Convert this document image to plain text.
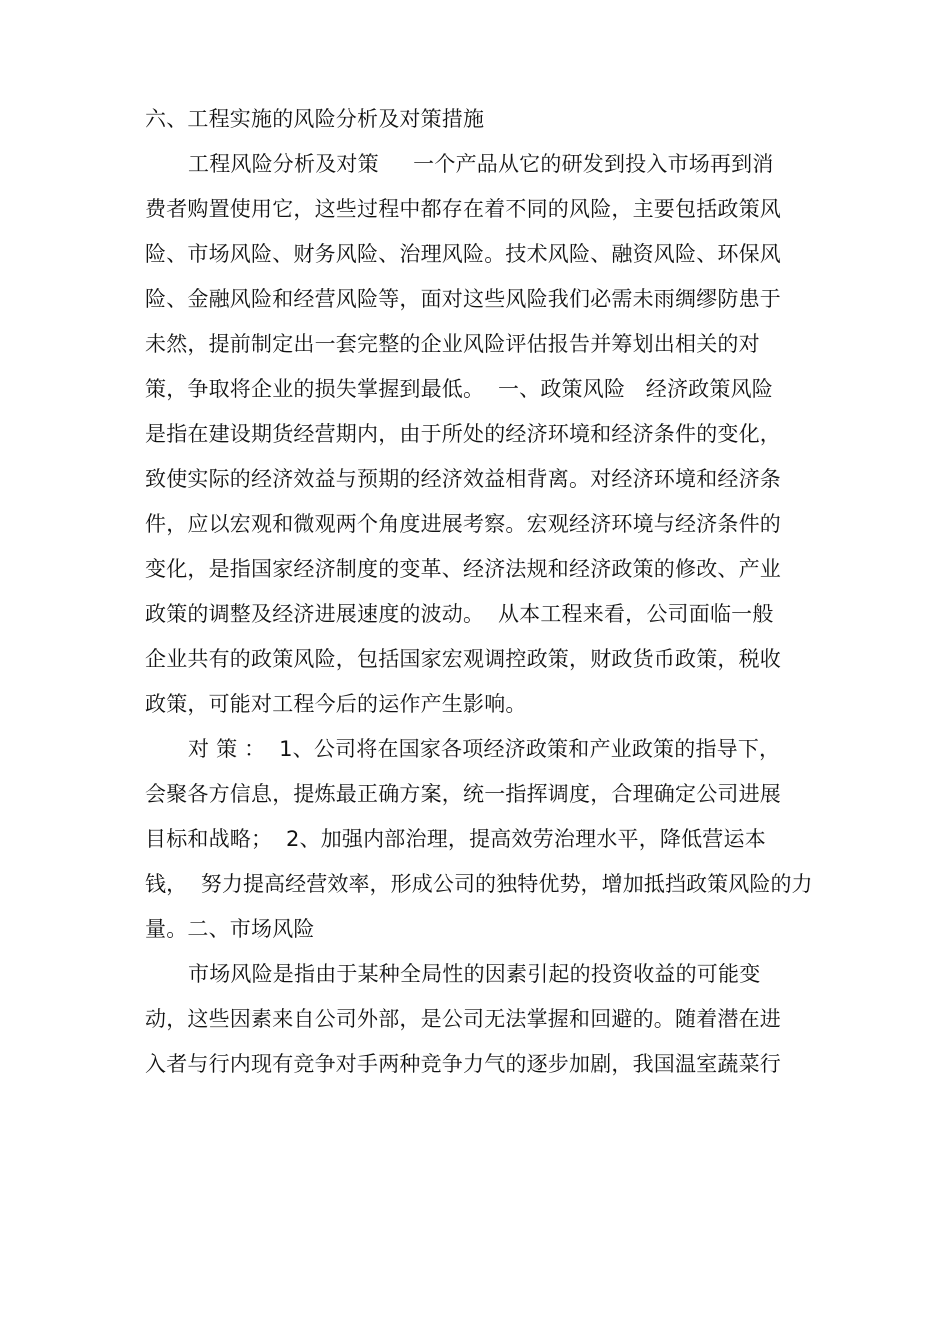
六、工程实施的风险分析及对策措施
工程风险分析及对策     一个产品从它的研发到投入市场再到消
费者购置使用它，这些过程中都存在着不同的风险，主要包括政策风
险、市场风险、财务风险、治理风险。技术风险、融资风险、环保风
险、金融风险和经营风险等，面对这些风险我们必需未雨绸缪防患于
未然，提前制定出一套完整的企业风险评估报告并筹划出相关的对
策，争取将企业的损失掌握到最低。  一、政策风险   经济政策风险
是指在建设期货经营期内，由于所处的经济环境和经济条件的变化，
致使实际的经济效益与预期的经济效益相背离。对经济环境和经济条
件，应以宏观和微观两个角度进展考察。宏观经济环境与经济条件的
变化，是指国家经济制度的变革、经济法规和经济政策的修改、产业
政策的调整及经济进展速度的波动。  从本工程来看，公司面临一般
企业共有的政策风险，包括国家宏观调控政策，财政货币政策，税收
政策，可能对工程今后的运作产生影响。
对 策 ：  1、公司将在国家各项经济政策和产业政策的指导下，
会聚各方信息，提炼最正确方案，统一指挥调度，合理确定公司进展
目标和战略；  2、加强内部治理，提高效劳治理水平，降低营运本
钱，  努力提高经营效率，形成公司的独特优势，增加抵挡政策风险的力
量。二、市场风险
市场风险是指由于某种全局性的因素引起的投资收益的可能变
动，这些因素来自公司外部，是公司无法掌握和回避的。随着潜在进
入者与行内现有竞争对手两种竞争力气的逐步加剧，我国温室蔬菜行
